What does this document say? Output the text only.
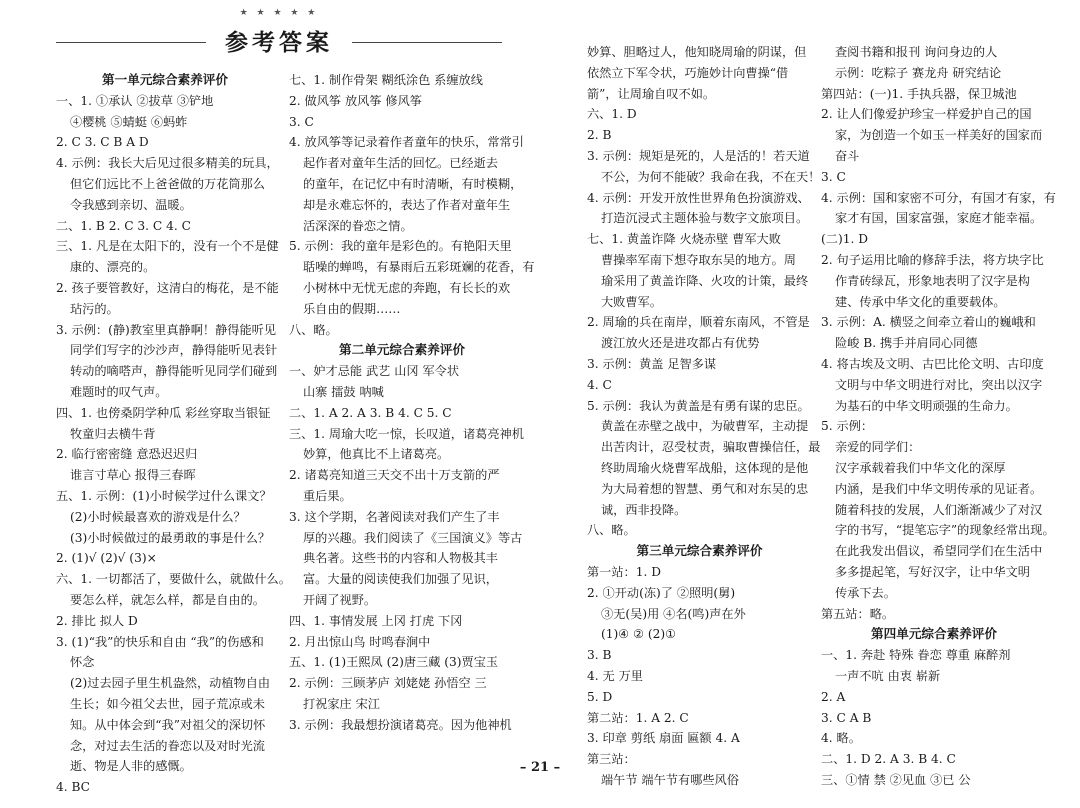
★ ★ ★ ★ ★
参考答案
第一单元综合素养评价
一、1. ①承认 ②拔草 ③铲地
④樱桃 ⑤蜻蜓 ⑥蚂蚱
2. C 3. C B A D
4. 示例：我长大后见过很多精美的玩具，
但它们远比不上爸爸做的万花筒那么
令我感到亲切、温暖。
二、1. B 2. C 3. C 4. C
三、1. 凡是在太阳下的，没有一个不是健
康的、漂亮的。
2. 孩子要管教好，这清白的梅花，是不能
玷污的。
3. 示例：(静)教室里真静啊！静得能听见
同学们写字的沙沙声，静得能听见表针
转动的嘀嗒声，静得能听见同学们碰到
难题时的叹气声。
四、1. 也傍桑阴学种瓜 彩丝穿取当银钲
牧童归去横牛背
2. 临行密密缝 意恐迟迟归
谁言寸草心 报得三春晖
五、1. 示例：(1)小时候学过什么课文？
(2)小时候最喜欢的游戏是什么？
(3)小时候做过的最勇敢的事是什么？
2. (1)√ (2)√ (3)×
六、1. 一切都活了，要做什么，就做什么。
要怎么样，就怎么样，都是自由的。
2. 排比 拟人 D
3. (1)“我”的快乐和自由 “我”的伤感和
怀念
(2)过去园子里生机盎然，动植物自由
生长；如今祖父去世，园子荒凉或未
知。从中体会到“我”对祖父的深切怀
念，对过去生活的眷恋以及对时光流
逝、物是人非的感慨。
4. BC
七、1. 制作骨架 糊纸涂色 系缠放线
2. 做风筝 放风筝 修风筝
3. C
4. 放风筝等记录着作者童年的快乐，常常引
起作者对童年生活的回忆。已经逝去
的童年，在记忆中有时清晰，有时模糊，
却是永难忘怀的，表达了作者对童年生
活深深的眷恋之情。
5. 示例：我的童年是彩色的。有艳阳天里
聒噪的蝉鸣，有暴雨后五彩斑斓的花香，有
小树林中无忧无虑的奔跑，有长长的欢
乐自由的假期……
八、略。
第二单元综合素养评价
一、妒才忌能 武艺 山冈 军令状
山寨 擂鼓 呐喊
二、1. A 2. A 3. B 4. C 5. C
三、1. 周瑜大吃一惊，长叹道，诸葛亮神机
妙算，他真比不上诸葛亮。
2. 诸葛亮知道三天交不出十万支箭的严
重后果。
3. 这个学期，名著阅读对我们产生了丰
厚的兴趣。我们阅读了《三国演义》等古
典名著。这些书的内容和人物极其丰
富。大量的阅读使我们加强了见识，
开阔了视野。
四、1. 事情发展 上冈 打虎 下冈
2. 月出惊山鸟 时鸣春涧中
五、1. (1)王熙凤 (2)唐三藏 (3)贾宝玉
2. 示例：三顾茅庐 刘姥姥 孙悟空 三
打祝家庄 宋江
3. 示例：我最想扮演诸葛亮。因为他神机
妙算、胆略过人，他知晓周瑜的阴谋，但
依然立下军令状，巧施妙计向曹操“借
箭”，让周瑜自叹不如。
六、1. D
2. B
3. 示例：规矩是死的，人是活的！若天道
不公，为何不能破？我命在我，不在天！
4. 示例：开发开放性世界角色扮演游戏、
打造沉浸式主题体验与数字文旅项目。
七、1. 黄盖诈降 火烧赤壁 曹军大败
曹操率军南下想夺取东吴的地方。周
瑜采用了黄盖诈降、火攻的计策，最终
大败曹军。
2. 周瑜的兵在南岸，顺着东南风，不管是
渡江放火还是进攻都占有优势
3. 示例：黄盖 足智多谋
4. C
5. 示例：我认为黄盖是有勇有谋的忠臣。
黄盖在赤壁之战中，为破曹军，主动提
出苦肉计，忍受杖责，骗取曹操信任，最
终助周瑜火烧曹军战船，这体现的是他
为大局着想的智慧、勇气和对东吴的忠
诚，西非投降。
八、略。
第三单元综合素养评价
第一站：1. D
2. ①开动(冻)了 ②照明(舅)
③无(吴)用 ④名(鸣)声在外
(1)④ ② (2)①
3. B
4. 无 万里
5. D
第二站：1. A 2. C
3. 印章 剪纸 扇面 匾额 4. A
第三站：
端午节 端午节有哪些风俗
查阅书籍和报刊 询问身边的人
示例：吃粽子 赛龙舟 研究结论
第四站：(一)1. 手执兵器，保卫城池
2. 让人们像爱护珍宝一样爱护自己的国
家，为创造一个如玉一样美好的国家而
奋斗
3. C
4. 示例：国和家密不可分，有国才有家，有
家才有国，国家富强，家庭才能幸福。
(二)1. D
2. 句子运用比喻的修辞手法，将方块字比
作青砖绿瓦，形象地表明了汉字是构
建、传承中华文化的重要载体。
3. 示例：A. 横竖之间牵立着山的巍峨和
险峻 B. 携手并肩同心同德
4. 将古埃及文明、古巴比伦文明、古印度
文明与中华文明进行对比，突出以汉字
为基石的中华文明顽强的生命力。
5. 示例：
亲爱的同学们：
汉字承载着我们中华文化的深厚
内涵，是我们中华文明传承的见证者。
随着科技的发展，人们渐渐减少了对汉
字的书写，“提笔忘字”的现象经常出现。
在此我发出倡议，希望同学们在生活中
多多提起笔，写好汉字，让中华文明
传承下去。
第五站：略。
第四单元综合素养评价
一、1. 奔赴 特殊 眷恋 尊重 麻醉剂
一声不吭 由衷 崭新
2. A
3. C A B
4. 略。
二、1. D 2. A 3. B 4. C
三、①情 禁 ②见血 ③已 公
– 21 –
